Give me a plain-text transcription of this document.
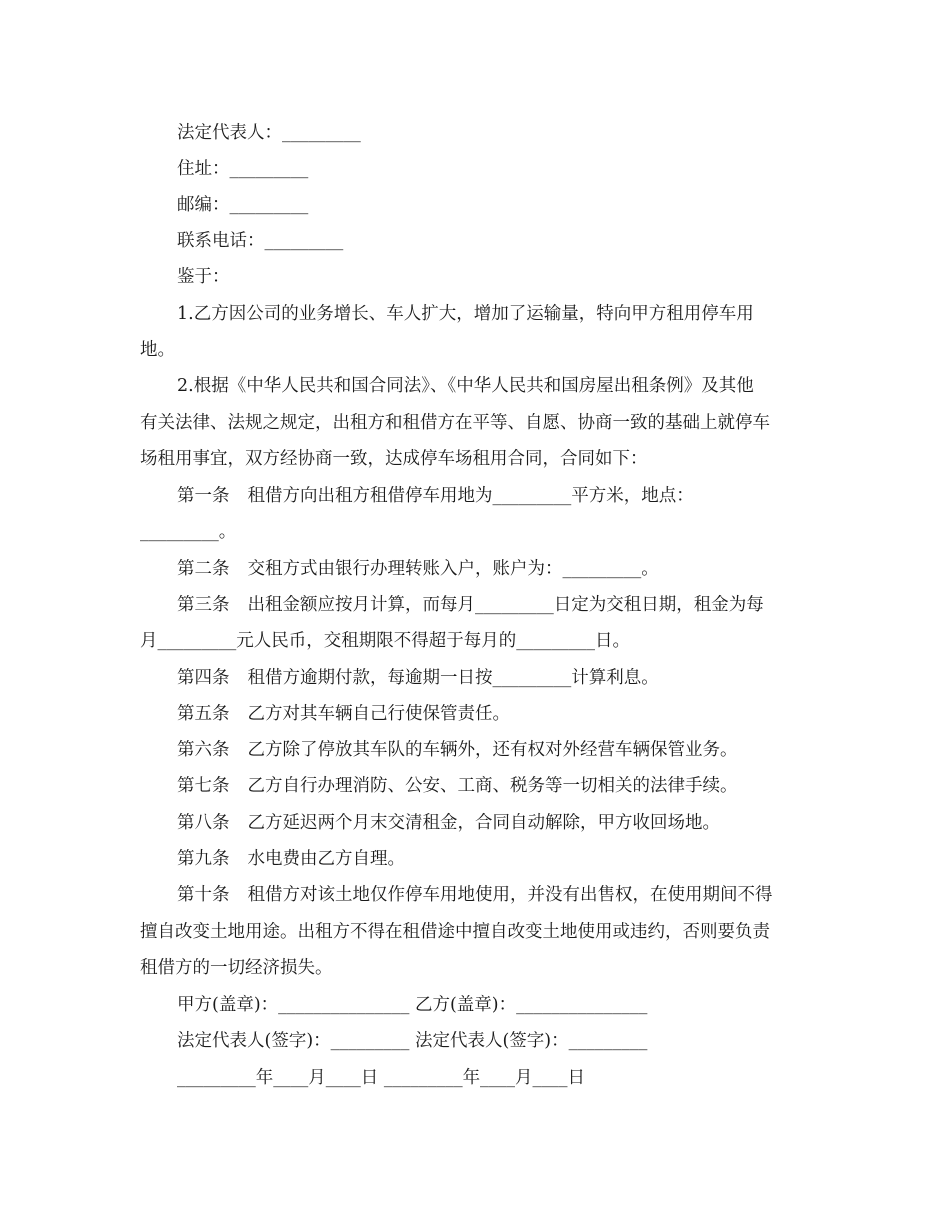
法定代表人：_________
住址：_________
邮编：_________
联系电话：_________
鉴于：
1.乙方因公司的业务增长、车人扩大，增加了运输量，特向甲方租用停车用
地。
2.根据《中华人民共和国合同法》、《中华人民共和国房屋出租条例》及其他
有关法律、法规之规定，出租方和租借方在平等、自愿、协商一致的基础上就停车
场租用事宜，双方经协商一致，达成停车场租用合同，合同如下：
第一条 租借方向出租方租借停车用地为_________平方米，地点：
_________。
第二条 交租方式由银行办理转账入户，账户为：_________。
第三条 出租金额应按月计算，而每月_________日定为交租日期，租金为每
月_________元人民币，交租期限不得超于每月的_________日。
第四条 租借方逾期付款，每逾期一日按_________计算利息。
第五条 乙方对其车辆自己行使保管责任。
第六条 乙方除了停放其车队的车辆外，还有权对外经营车辆保管业务。
第七条 乙方自行办理消防、公安、工商、税务等一切相关的法律手续。
第八条 乙方延迟两个月末交清租金，合同自动解除，甲方收回场地。
第九条 水电费由乙方自理。
第十条 租借方对该土地仅作停车用地使用，并没有出售权，在使用期间不得
擅自改变土地用途。出租方不得在租借途中擅自改变土地使用或违约，否则要负责
租借方的一切经济损失。
甲方(盖章)：_______________ 乙方(盖章)：_______________
法定代表人(签字)：_________ 法定代表人(签字)：_________
_________年____月____日 _________年____月____日
